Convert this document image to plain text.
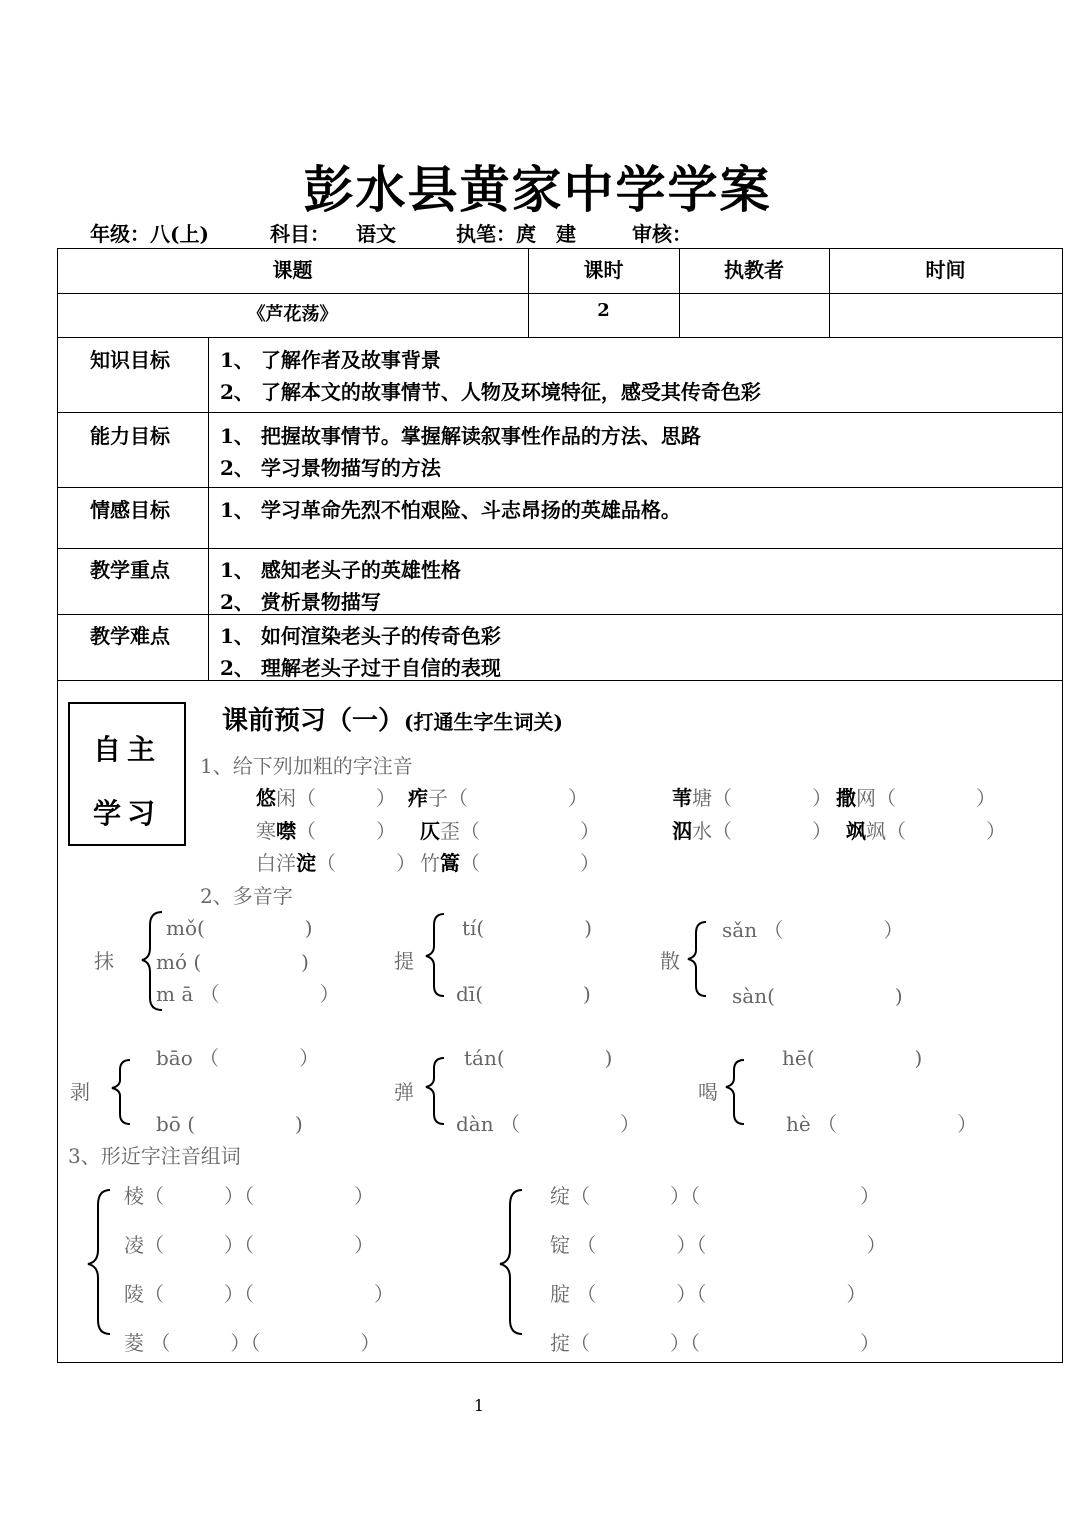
彭水县黄家中学学案
年级：八(上)	科目： 语文	执笔：庹　建	审核：
课题	课时	执教者	时间
《芦花荡》	2
知识目标	1、 了解作者及故事背景
2、 了解本文的故事情节、人物及环境特征，感受其传奇色彩
能力目标	1、 把握故事情节。掌握解读叙事性作品的方法、思路
2、 学习景物描写的方法
情感目标	1、 学习革命先烈不怕艰险、斗志昂扬的英雄品格。
教学重点	1、 感知老头子的英雄性格
2、 赏析景物描写
教学难点	1、 如何渲染老头子的传奇色彩
2、 理解老头子过于自信的表现
自主
学习
课前预习（一）(打通生字生词关)
1、给下列加粗的字注音
悠闲（　　　） 痄子（　　　　　）	苇塘（　　　　） 撒网（　　　　）
寒噤（　　　） 仄歪（　　　　　）	泅水（　　　　） 飒飒（　　　　）
白洋淀（　　　） 竹篙（　　　　　）
2、多音字
抹
mǒ(　　　　　)
mó (　　　　　)
m ā （　　　　　）
提
tí(　　　　　)
dī(　　　　　)
散
sǎn （　　　　　）
sàn(　　　　　　)
剥
bāo （　　　　）
bō (　　　　　)
弹
tán(　　　　　)
dàn （　　　　　）
喝
hē(　　　　　)
hè （　　　　　　）
3、形近字注音组词
棱（　　　）（　　　　　）
凌（　　　）（　　　　　）
陵（　　　）（　　　　　　）
菱 （　　　）（　　　　　）
绽（　　　　）（　　　　　　　　）
锭 （　　　　）（　　　　　　　　）
腚 （　　　　）（　　　　　　　）
掟（　　　　）（　　　　　　　　）
1
